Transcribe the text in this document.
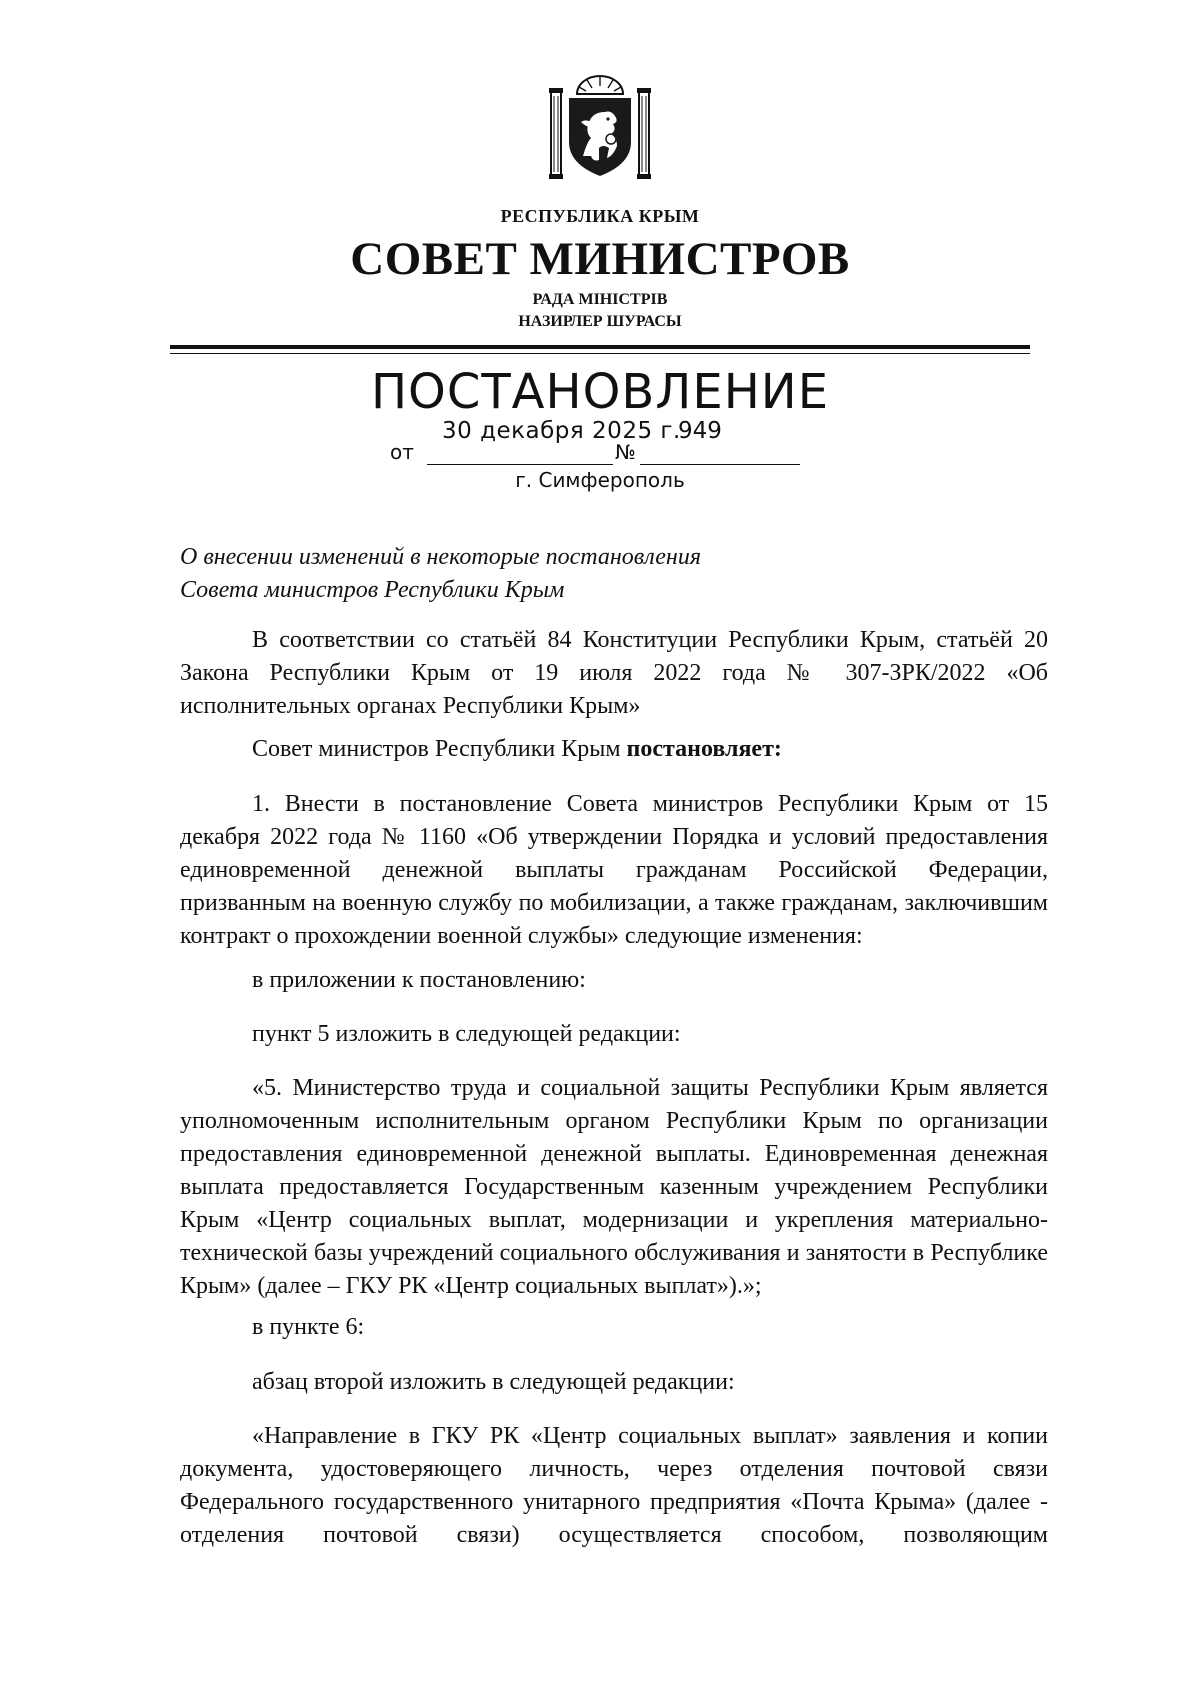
РЕСПУБЛИКА КРЫМ
СОВЕТ МИНИСТРОВ
РАДА МІНІСТРІВ
НАЗИРЛЕР ШУРАСЫ
ПОСТАНОВЛЕНИЕ
от
30 декабря 2025 г.
№
949
г. Симферополь
О внесении изменений в некоторые постановления
Совета министров Республики Крым
В соответствии со статьёй 84 Конституции Республики Крым, статьёй 20 Закона Республики Крым от 19 июля 2022 года № 307-ЗРК/2022 «Об исполнительных органах Республики Крым»
Совет министров Республики Крым постановляет:
1. Внести в постановление Совета министров Республики Крым от 15 декабря 2022 года № 1160 «Об утверждении Порядка и условий предоставления единовременной денежной выплаты гражданам Российской Федерации, призванным на военную службу по мобилизации, а также гражданам, заключившим контракт о прохождении военной службы» следующие изменения:
в приложении к постановлению:
пункт 5 изложить в следующей редакции:
«5. Министерство труда и социальной защиты Республики Крым является уполномоченным исполнительным органом Республики Крым по организации предоставления единовременной денежной выплаты. Единовременная денежная выплата предоставляется Государственным казенным учреждением Республики Крым «Центр социальных выплат, модернизации и укрепления материально-технической базы учреждений социального обслуживания и занятости в Республике Крым» (далее – ГКУ РК «Центр социальных выплат»).»;
в пункте 6:
абзац второй изложить в следующей редакции:
«Направление в ГКУ РК «Центр социальных выплат» заявления и копии документа, удостоверяющего личность, через отделения почтовой связи Федерального государственного унитарного предприятия «Почта Крыма» (далее - отделения почтовой связи) осуществляется способом, позволяющим
